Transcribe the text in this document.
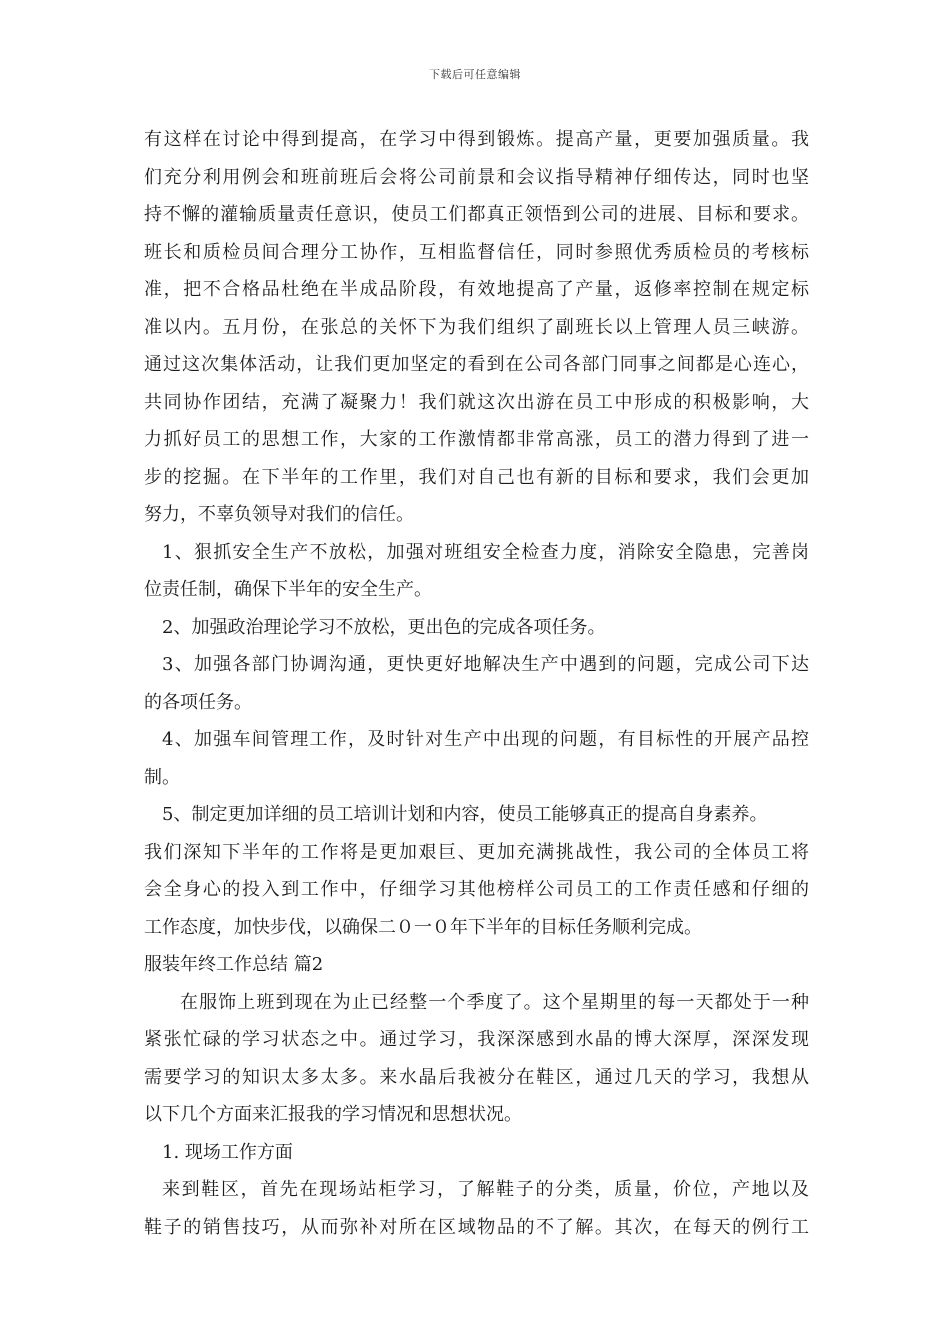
下载后可任意编辑
有这样在讨论中得到提高，在学习中得到锻炼。提高产量，更要加强质量。我
们充分利用例会和班前班后会将公司前景和会议指导精神仔细传达，同时也坚
持不懈的灌输质量责任意识，使员工们都真正领悟到公司的进展、目标和要求。
班长和质检员间合理分工协作，互相监督信任，同时参照优秀质检员的考核标
准，把不合格品杜绝在半成品阶段，有效地提高了产量，返修率控制在规定标
准以内。五月份，在张总的关怀下为我们组织了副班长以上管理人员三峡游。
通过这次集体活动，让我们更加坚定的看到在公司各部门同事之间都是心连心，
共同协作团结，充满了凝聚力！我们就这次出游在员工中形成的积极影响，大
力抓好员工的思想工作，大家的工作激情都非常高涨，员工的潜力得到了进一
步的挖掘。在下半年的工作里，我们对自己也有新的目标和要求，我们会更加
努力，不辜负领导对我们的信任。
1、狠抓安全生产不放松，加强对班组安全检查力度，消除安全隐患，完善岗
位责任制，确保下半年的安全生产。
2、加强政治理论学习不放松，更出色的完成各项任务。
3、加强各部门协调沟通，更快更好地解决生产中遇到的问题，完成公司下达
的各项任务。
4、加强车间管理工作，及时针对生产中出现的问题，有目标性的开展产品控
制。
5、制定更加详细的员工培训计划和内容，使员工能够真正的提高自身素养。
我们深知下半年的工作将是更加艰巨、更加充满挑战性，我公司的全体员工将
会全身心的投入到工作中，仔细学习其他榜样公司员工的工作责任感和仔细的
工作态度，加快步伐，以确保二０一０年下半年的目标任务顺利完成。
服装年终工作总结 篇2
在服饰上班到现在为止已经整一个季度了。这个星期里的每一天都处于一种
紧张忙碌的学习状态之中。通过学习，我深深感到水晶的博大深厚，深深发现
需要学习的知识太多太多。来水晶后我被分在鞋区，通过几天的学习，我想从
以下几个方面来汇报我的学习情况和思想状况。
1. 现场工作方面
来到鞋区，首先在现场站柜学习，了解鞋子的分类，质量，价位，产地以及
鞋子的销售技巧，从而弥补对所在区域物品的不了解。其次，在每天的例行工
